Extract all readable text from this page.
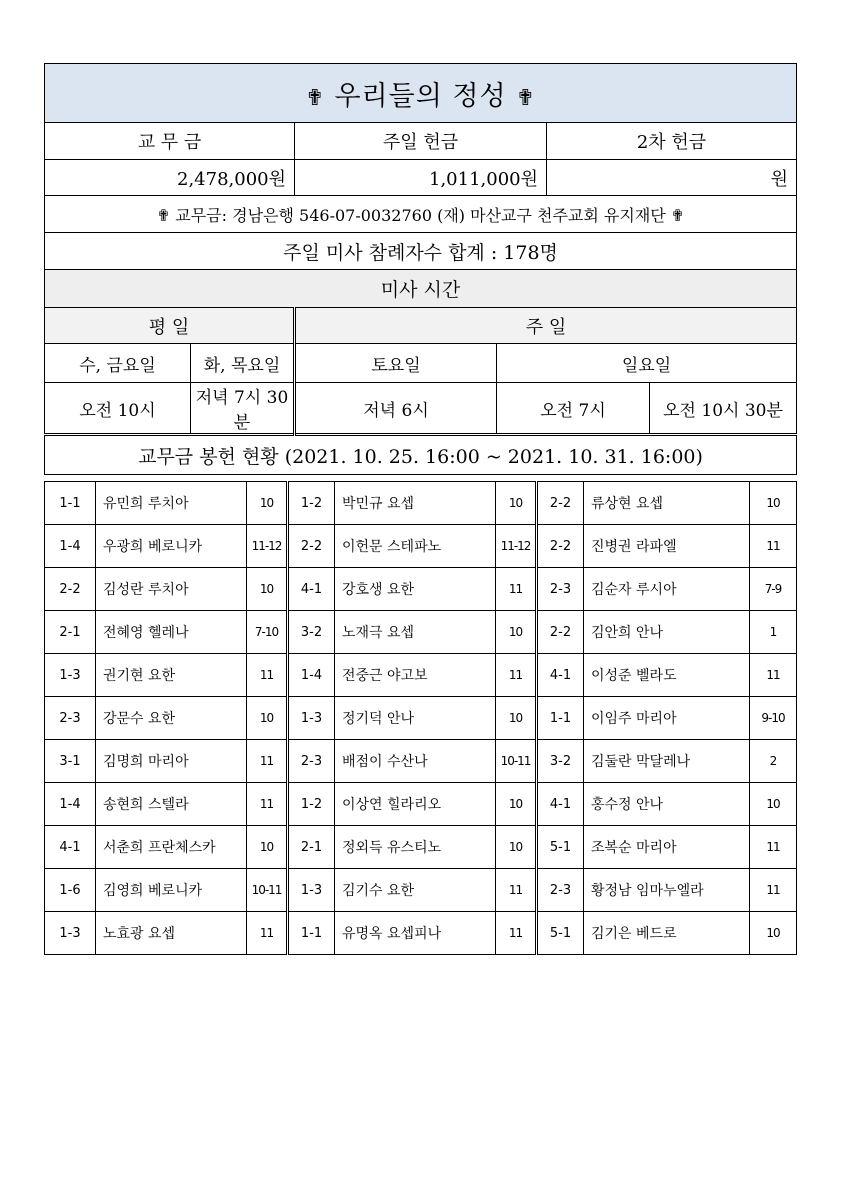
✟ 우리들의 정성 ✟					
교 무 금		주일 헌금		2차 헌금	
2,478,000원		1,011,000원		원	
✟ 교무금: 경남은행 546-07-0032760 (재) 마산교구 천주교회 유지재단 ✟					
주일 미사 참례자수 합계 : 178명					
미사 시간					
평 일		주 일			
수, 금요일	화, 목요일	토요일	일요일		
오전 10시	저녁 7시 30분	저녁 6시	오전 7시		오전 10시 30분
교무금 봉헌 현황 (2021. 10. 25. 16:00 ~ 2021. 10. 31. 16:00)					
1-1	유민희 루치아	10	1-2	박민규 요셉	10	2-2	류상현 요셉	10
1-4	우광희 베로니카	11-12	2-2	이헌문 스테파노	11-12	2-2	진병권 라파엘	11
2-2	김성란 루치아	10	4-1	강호생 요한	11	2-3	김순자 루시아	7-9
2-1	전혜영 헬레나	7-10	3-2	노재극 요셉	10	2-2	김안희 안나	1
1-3	권기현 요한	11	1-4	전중근 야고보	11	4-1	이성준 벨라도	11
2-3	강문수 요한	10	1-3	정기덕 안나	10	1-1	이임주 마리아	9-10
3-1	김명희 마리아	11	2-3	배점이 수산나	10-11	3-2	김둘란 막달레나	2
1-4	송현희 스텔라	11	1-2	이상연 힐라리오	10	4-1	홍수정 안나	10
4-1	서춘희 프란체스카	10	2-1	정외득 유스티노	10	5-1	조복순 마리아	11
1-6	김영희 베로니카	10-11	1-3	김기수 요한	11	2-3	황정남 임마누엘라	11
1-3	노효광 요셉	11	1-1	유명옥 요셉피나	11	5-1	김기은 베드로	10
